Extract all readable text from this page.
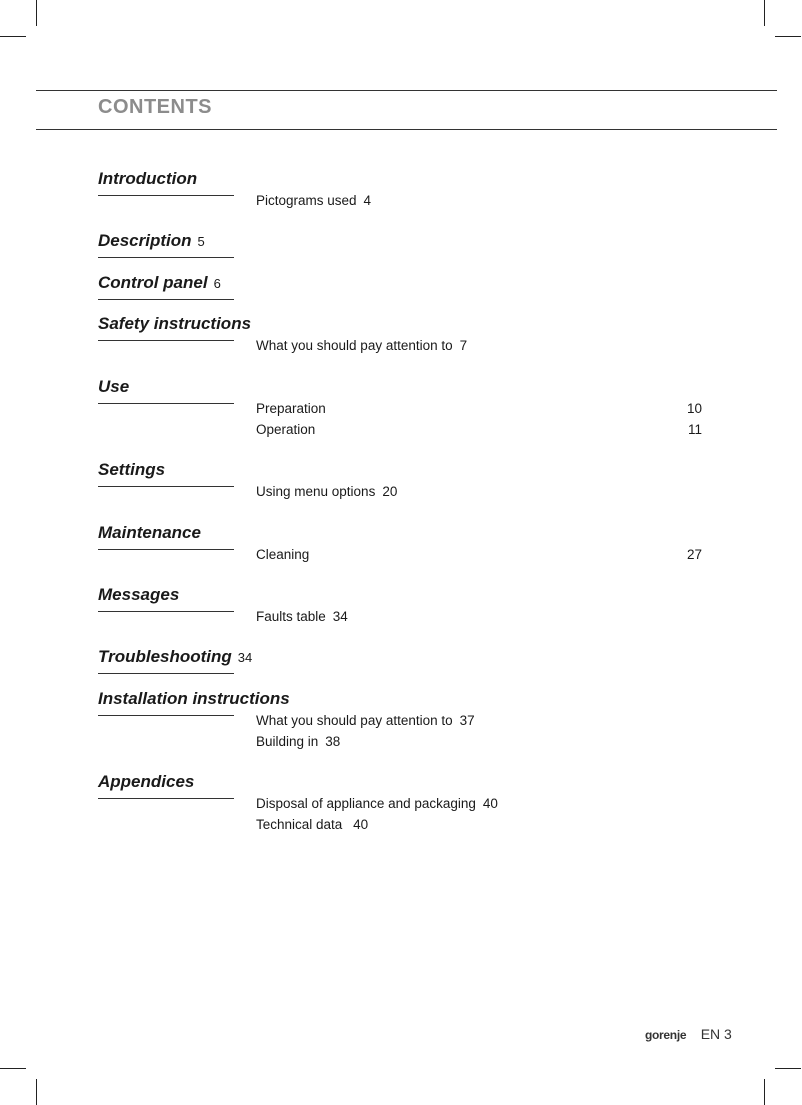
CONTENTS
Introduction
Pictograms used 4
Description 5
Control panel 6
Safety instructions
What you should pay attention to 7
Use
Preparation	10
Operation	11
Settings
Using menu options 20
Maintenance
Cleaning	27
Messages
Faults table 34
Troubleshooting 34
Installation instructions
What you should pay attention to 37
Building in 38
Appendices
Disposal of appliance and packaging 40
Technical data 40
gorenje EN 3
